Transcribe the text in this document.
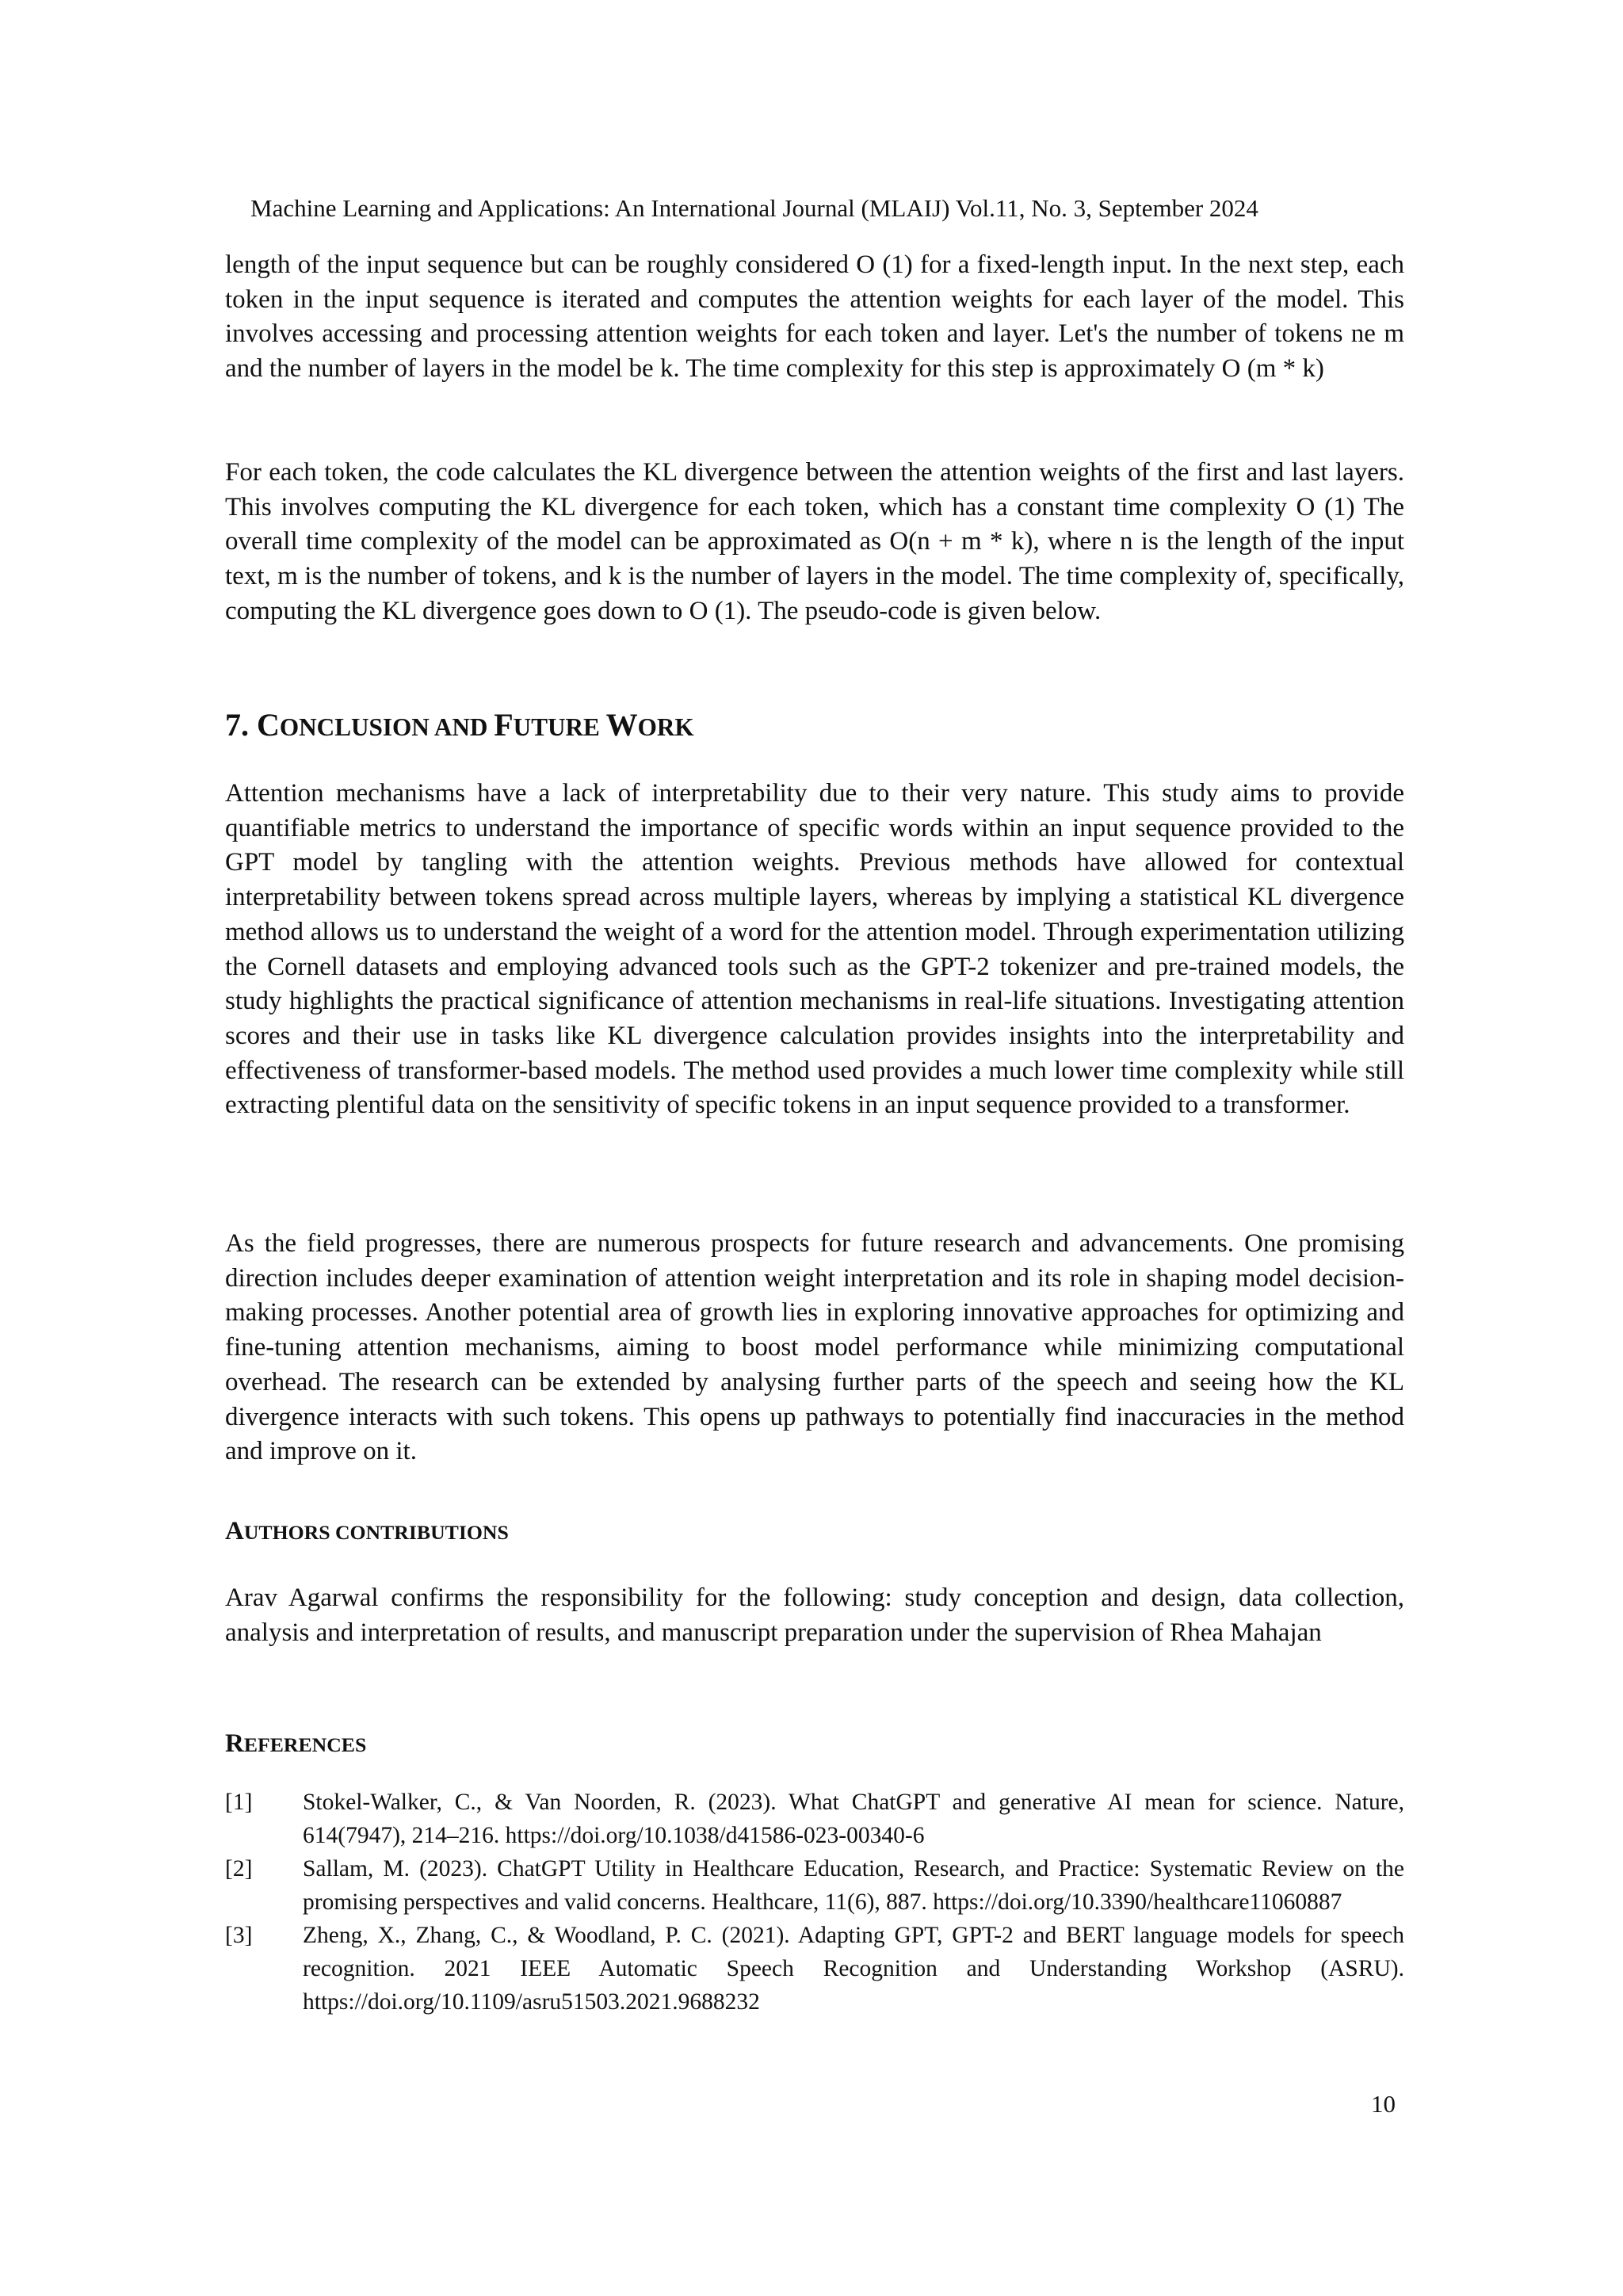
Machine Learning and Applications: An International Journal (MLAIJ) Vol.11, No. 3, September 2024

length of the input sequence but can be roughly considered O (1) for a fixed-length input. In the next step, each token in the input sequence is iterated and computes the attention weights for each layer of the model. This involves accessing and processing attention weights for each token and layer. Let's the number of tokens ne m and the number of layers in the model be k. The time complexity for this step is approximately O (m * k)

For each token, the code calculates the KL divergence between the attention weights of the first and last layers. This involves computing the KL divergence for each token, which has a constant time complexity O (1) The overall time complexity of the model can be approximated as O(n + m * k), where n is the length of the input text, m is the number of tokens, and k is the number of layers in the model. The time complexity of, specifically, computing the KL divergence goes down to O (1). The pseudo-code is given below.

7. CONCLUSION AND FUTURE WORK

Attention mechanisms have a lack of interpretability due to their very nature. This study aims to provide quantifiable metrics to understand the importance of specific words within an input sequence provided to the GPT model by tangling with the attention weights. Previous methods have allowed for contextual interpretability between tokens spread across multiple layers, whereas by implying a statistical KL divergence method allows us to understand the weight of a word for the attention model. Through experimentation utilizing the Cornell datasets and employing advanced tools such as the GPT-2 tokenizer and pre-trained models, the study highlights the practical significance of attention mechanisms in real-life situations. Investigating attention scores and their use in tasks like KL divergence calculation provides insights into the interpretability and effectiveness of transformer-based models. The method used provides a much lower time complexity while still extracting plentiful data on the sensitivity of specific tokens in an input sequence provided to a transformer.

As the field progresses, there are numerous prospects for future research and advancements. One promising direction includes deeper examination of attention weight interpretation and its role in shaping model decision-making processes. Another potential area of growth lies in exploring innovative approaches for optimizing and fine-tuning attention mechanisms, aiming to boost model performance while minimizing computational overhead. The research can be extended by analysing further parts of the speech and seeing how the KL divergence interacts with such tokens. This opens up pathways to potentially find inaccuracies in the method and improve on it.

AUTHORS CONTRIBUTIONS

Arav Agarwal confirms the responsibility for the following: study conception and design, data collection, analysis and interpretation of results, and manuscript preparation under the supervision of Rhea Mahajan

REFERENCES
[1] Stokel-Walker, C., & Van Noorden, R. (2023). What ChatGPT and generative AI mean for science. Nature, 614(7947), 214–216. https://doi.org/10.1038/d41586-023-00340-6
[2] Sallam, M. (2023). ChatGPT Utility in Healthcare Education, Research, and Practice: Systematic Review on the promising perspectives and valid concerns. Healthcare, 11(6), 887. https://doi.org/10.3390/healthcare11060887
[3] Zheng, X., Zhang, C., & Woodland, P. C. (2021). Adapting GPT, GPT-2 and BERT language models for speech recognition. 2021 IEEE Automatic Speech Recognition and Understanding Workshop (ASRU). https://doi.org/10.1109/asru51503.2021.9688232
10
